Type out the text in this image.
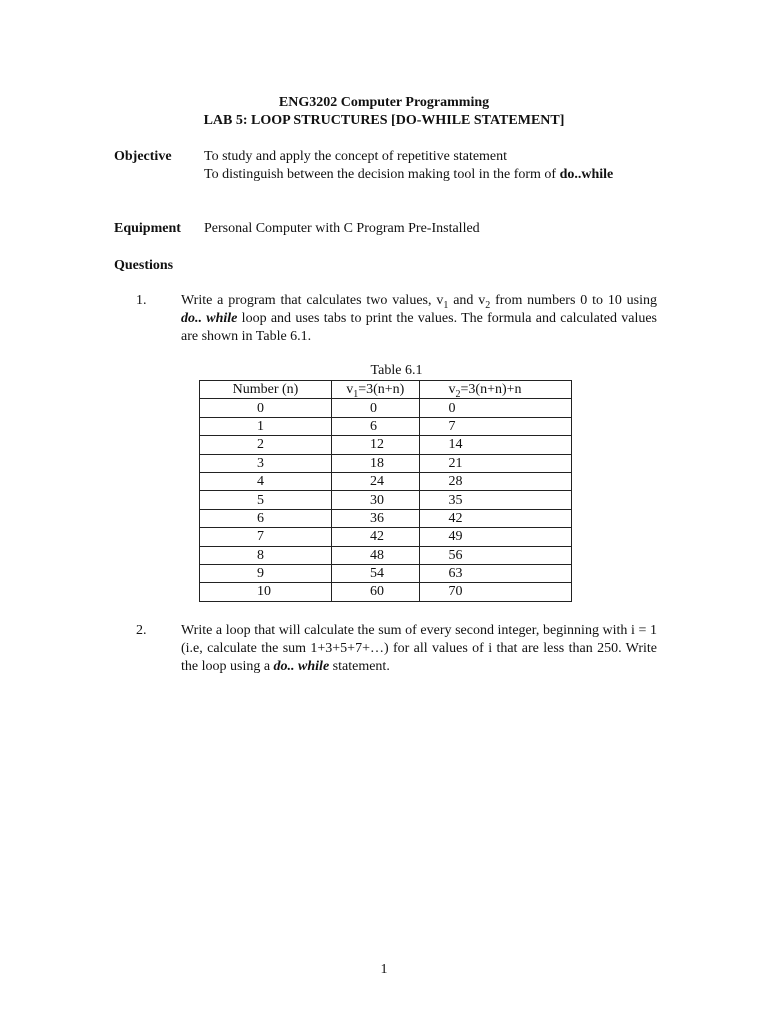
ENG3202 Computer Programming
LAB 5: LOOP STRUCTURES [DO-WHILE STATEMENT]
Objective To study and apply the concept of repetitive statement
To distinguish between the decision making tool in the form of do..while
Equipment Personal Computer with C Program Pre-Installed
Questions
1. Write a program that calculates two values, $v_1$ and $v_2$ from numbers 0 to 10 using do.. while loop and uses tabs to print the values. The formula and calculated values are shown in Table 6.1.
Table 6.1
Number (n)	$v_1=3(n+n)$	$v_2=3(n+n)+n$
0	0	0
1	6	7
2	12	14
3	18	21
4	24	28
5	30	35
6	36	42
7	42	49
8	48	56
9	54	63
10	60	70
2. Write a loop that will calculate the sum of every second integer, beginning with i = 1 (i.e, calculate the sum 1+3+5+7+…) for all values of i that are less than 250. Write the loop using a do.. while statement.
1
